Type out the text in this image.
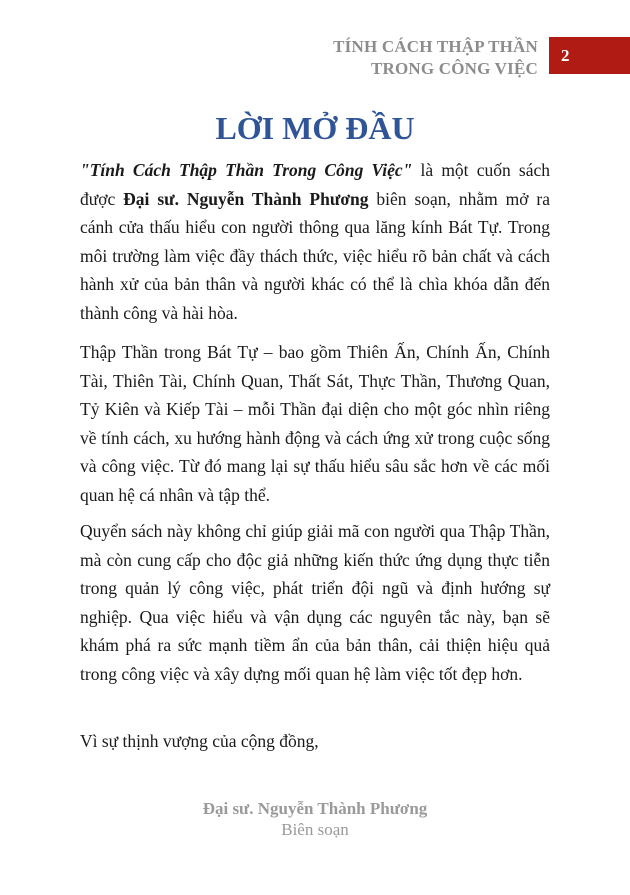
TÍNH CÁCH THẬP THẦN
TRONG CÔNG VIỆC
2
LỜI MỞ ĐẦU

"Tính Cách Thập Thần Trong Công Việc" là một cuốn sách được Đại sư. Nguyễn Thành Phương biên soạn, nhằm mở ra cánh cửa thấu hiểu con người thông qua lăng kính Bát Tự. Trong môi trường làm việc đầy thách thức, việc hiểu rõ bản chất và cách hành xử của bản thân và người khác có thể là chìa khóa dẫn đến thành công và hài hòa.

Thập Thần trong Bát Tự – bao gồm Thiên Ấn, Chính Ấn, Chính Tài, Thiên Tài, Chính Quan, Thất Sát, Thực Thần, Thương Quan, Tỷ Kiên và Kiếp Tài – mỗi Thần đại diện cho một góc nhìn riêng về tính cách, xu hướng hành động và cách ứng xử trong cuộc sống và công việc. Từ đó mang lại sự thấu hiểu sâu sắc hơn về các mối quan hệ cá nhân và tập thể.

Quyển sách này không chỉ giúp giải mã con người qua Thập Thần, mà còn cung cấp cho độc giả những kiến thức ứng dụng thực tiễn trong quản lý công việc, phát triển đội ngũ và định hướng sự nghiệp. Qua việc hiểu và vận dụng các nguyên tắc này, bạn sẽ khám phá ra sức mạnh tiềm ẩn của bản thân, cải thiện hiệu quả trong công việc và xây dựng mối quan hệ làm việc tốt đẹp hơn.

Vì sự thịnh vượng của cộng đồng,

Đại sư. Nguyễn Thành Phương
Biên soạn
